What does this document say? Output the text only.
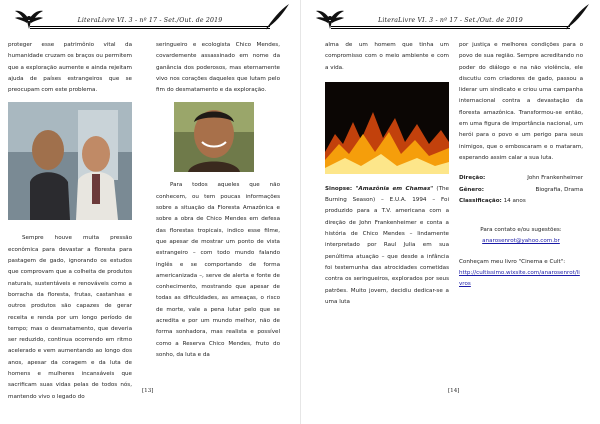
LiteraLivre VI. 3 - nº 17 - Set./Out. de 2019

proteger esse patrimônio vital da humanidade cruzam os braços ou permitem que a exploração aumente e ainda rejeitam ajuda de países estrangeiros que se preocupam com este problema.

Sempre houve muita pressão econômica para devastar a floresta para pastagem de gado, ignorando os estudos que comprovam que a colheita de produtos naturais, sustentáveis e renováveis como a borracha da floresta, frutas, castanhas e outros produtos são capazes de gerar receita e renda por um longo período de tempo; mas o desmatamento, que deveria ser reduzido, continua ocorrendo em ritmo acelerado e vem aumentando ao longo dos anos, apesar da coragem e da luta de homens e mulheres incansáveis que sacrificam suas vidas pelas de todos nós, mantendo vivo o legado do

seringueiro e ecologista Chico Mendes, covardemente assassinado em nome da ganância dos poderosos, mas eternamente vivo nos corações daqueles que lutam pelo fim do desmatamento e da exploração.

Para todos aqueles que não conhecem, ou tem poucas informações sobre a situação da Floresta Amazônica e sobre a obra de Chico Mendes em defesa das florestas tropicais, indico esse filme, que apesar de mostrar um ponto de vista estrangeiro – com todo mundo falando inglês e se comportando de forma americanizada –, serve de alerta e fonte de conhecimento, mostrando que apesar de todas as dificuldades, as ameaças, o risco de morte, vale a pena lutar pelo que se acredita e por um mundo melhor, não de forma sonhadora, mas realista e possível como a Reserva Chico Mendes, fruto do sonho, da luta e da

[13]
LiteraLivre VI. 3 - nº 17 - Set./Out. de 2019

alma de um homem que tinha um compromisso com o meio ambiente e com a vida.

Sinopse: "Amazônia em Chamas" (The Burning Season) – E.U.A. 1994 – Foi produzido para a T.V. americana com a direção de John Frankenheimer e conta a história de Chico Mendes – lindamente interpretado por Raul Julia em sua penúltima atuação – que desde a infância foi testemunha das atrocidades cometidas contra os seringueiros, explorados por seus patrões. Muito jovem, decidiu dedicar-se a uma luta

por justiça e melhores condições para o povo de sua região. Sempre acreditando no poder do diálogo e na não violência, ele discutiu com criadores de gado, passou a liderar um sindicato e criou uma campanha internacional contra a devastação da floresta amazônica. Transformou-se então, em uma figura de importância nacional, um herói para o povo e um perigo para seus inimigos, que o emboscaram e o mataram, esperando assim calar a sua luta.

Direção:	John Frankenheimer
Gênero:	Biografia, Drama
Classificação: 14 anos

Para contato e/ou sugestões:

anarosenrot@yahoo.com.br

Conheçam meu livro "Cinema e Cult":

http://cultissimo.wixsite.com/anarosenrot/livros

[14]
